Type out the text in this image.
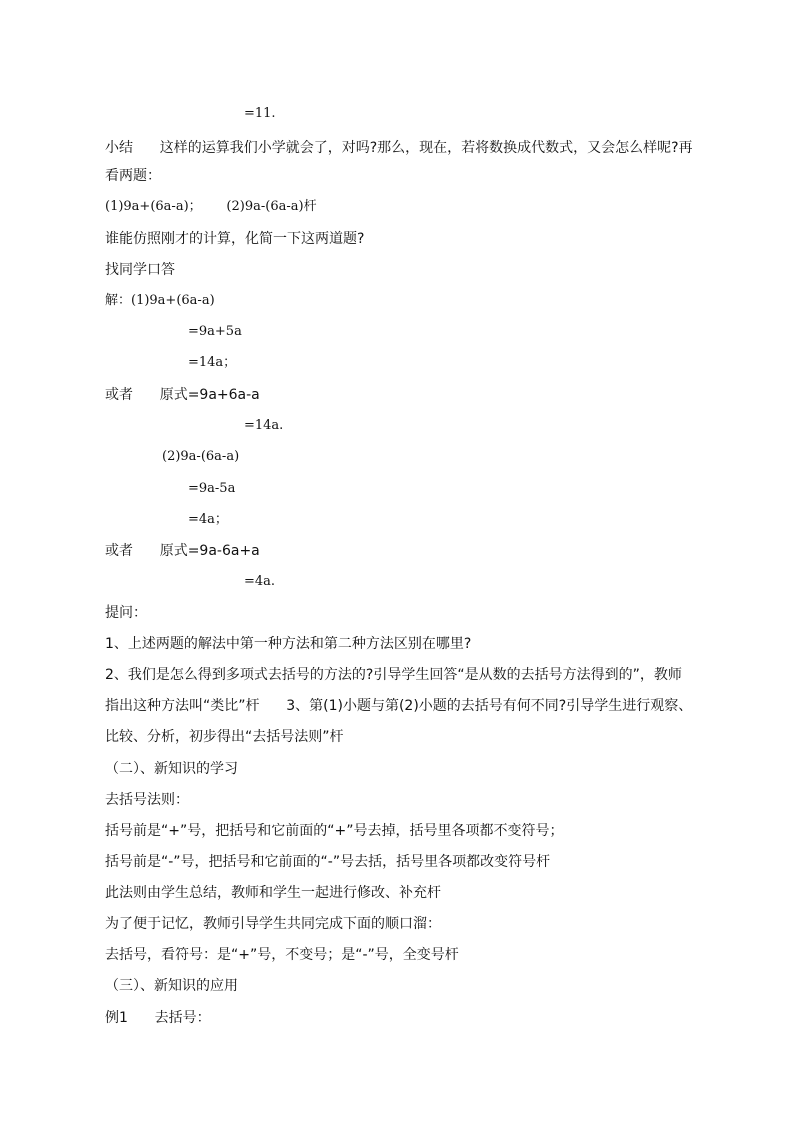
=11.
小结      这样的运算我们小学就会了，对吗?那么，现在，若将数换成代数式，又会怎么样呢?再看两题：
(1)9a+(6a-a)；      (2)9a-(6a-a)杆
谁能仿照刚才的计算，化简一下这两道题?
找同学口答
解：(1)9a+(6a-a)
=9a+5a
=14a；
或者      原式=9a+6a-a
=14a.
(2)9a-(6a-a)
=9a-5a
=4a；
或者      原式=9a-6a+a
=4a.
提问：
1、上述两题的解法中第一种方法和第二种方法区别在哪里?
2、我们是怎么得到多项式去括号的方法的?引导学生回答“是从数的去括号方法得到的”，教师指出这种方法叫“类比”杆      3、第(1)小题与第(2)小题的去括号有何不同?引导学生进行观察、比较、分析，初步得出“去括号法则”杆
（二）、新知识的学习
去括号法则：
括号前是“+”号，把括号和它前面的“+”号去掉，括号里各项都不变符号；
括号前是“-”号，把括号和它前面的“-”号去括，括号里各项都改变符号杆
此法则由学生总结，教师和学生一起进行修改、补充杆
为了便于记忆，教师引导学生共同完成下面的顺口溜：
去括号，看符号：是“+”号，不变号；是“-”号，全变号杆
（三）、新知识的应用
例1      去括号：
